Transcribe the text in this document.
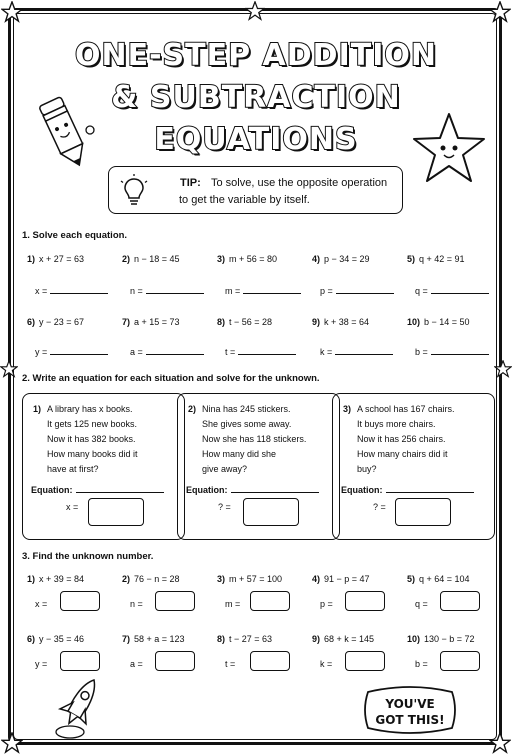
ONE-STEP ADDITION
& SUBTRACTION
EQUATIONS
TIP: To solve, use the opposite operation
to get the variable by itself.
1. Solve each equation.
1) x + 27 = 63
x =
2) n − 18 = 45
n =
3) m + 56 = 80
m =
4) p − 34 = 29
p =
5) q + 42 = 91
q =
6) y − 23 = 67
y =
7) a + 15 = 73
a =
8) t − 56 = 28
t =
9) k + 38 = 64
k =
10) b − 14 = 50
b =
2. Write an equation for each situation and solve for the unknown.
1) A library has x books.
It gets 125 new books.
Now it has 382 books.
How many books did it
have at first?
Equation:
x =
2) Nina has 245 stickers.
She gives some away.
Now she has 118 stickers.
How many did she
give away?
Equation:
? =
3) A school has 167 chairs.
It buys more chairs.
Now it has 256 chairs.
How many chairs did it
buy?
Equation:
? =
3. Find the unknown number.
1) x + 39 = 84
x =
2) 76 − n = 28
n =
3) m + 57 = 100
m =
4) 91 − p = 47
p =
5) q + 64 = 104
q =
6) y − 35 = 46
y =
7) 58 + a = 123
a =
8) t − 27 = 63
t =
9) 68 + k = 145
k =
10) 130 − b = 72
b =
YOU'VE
GOT THIS!
